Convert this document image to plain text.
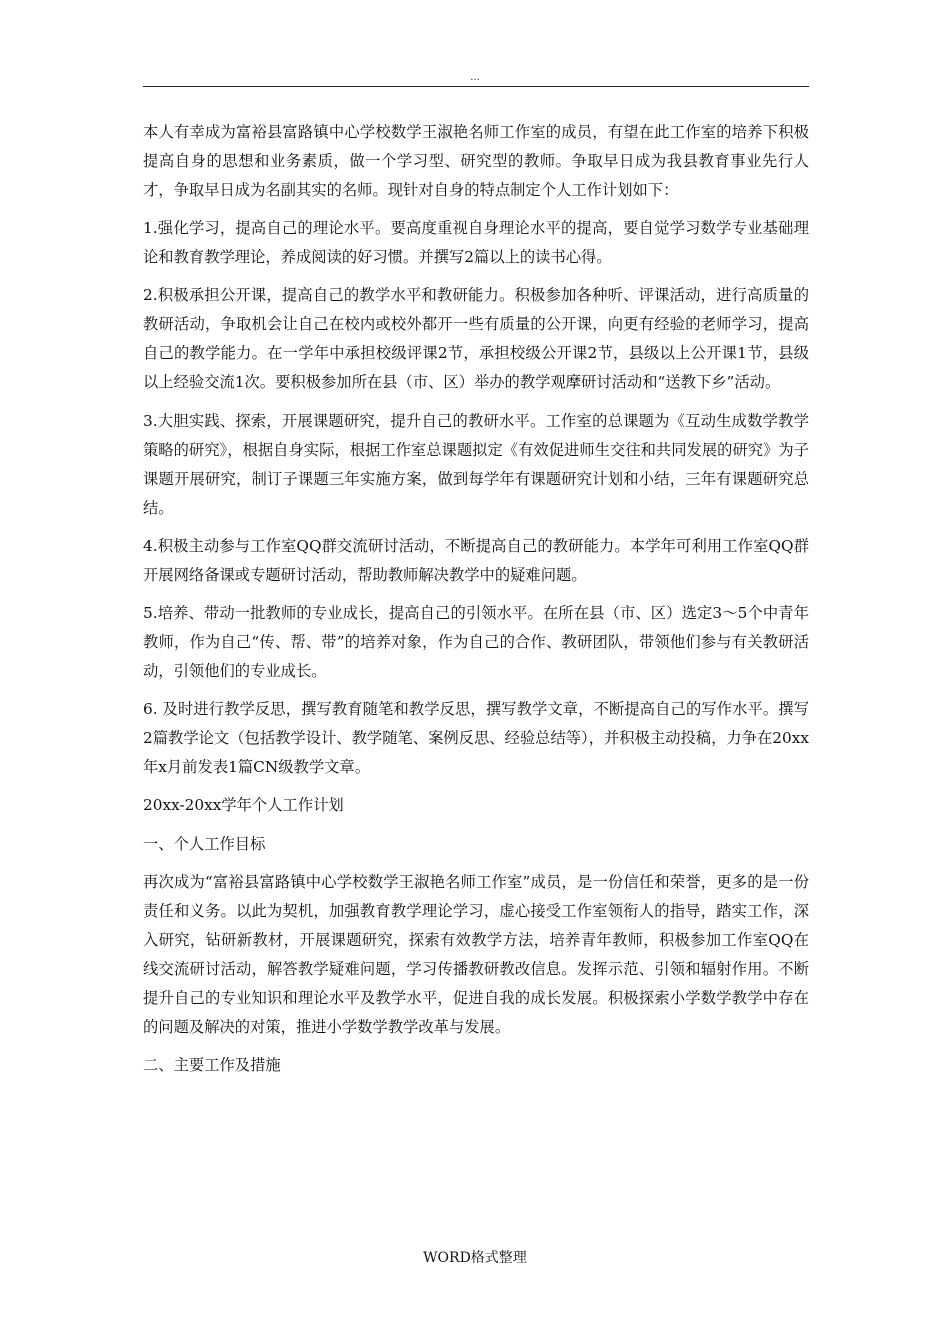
...

本人有幸成为富裕县富路镇中心学校数学王淑艳名师工作室的成员，有望在此工作室的培养下积极提高自身的思想和业务素质，做一个学习型、研究型的教师。争取早日成为我县教育事业先行人才，争取早日成为名副其实的名师。现针对自身的特点制定个人工作计划如下：

1.强化学习，提高自己的理论水平。要高度重视自身理论水平的提高，要自觉学习数学专业基础理论和教育教学理论，养成阅读的好习惯。并撰写2篇以上的读书心得。

2.积极承担公开课，提高自己的教学水平和教研能力。积极参加各种听、评课活动，进行高质量的教研活动，争取机会让自己在校内或校外都开一些有质量的公开课，向更有经验的老师学习，提高自己的教学能力。在一学年中承担校级评课2节，承担校级公开课2节，县级以上公开课1节，县级以上经验交流1次。要积极参加所在县（市、区）举办的教学观摩研讨活动和“送教下乡”活动。

3.大胆实践、探索，开展课题研究，提升自己的教研水平。工作室的总课题为《互动生成数学教学策略的研究》，根据自身实际，根据工作室总课题拟定《有效促进师生交往和共同发展的研究》为子课题开展研究，制订子课题三年实施方案，做到每学年有课题研究计划和小结，三年有课题研究总结。

4.积极主动参与工作室QQ群交流研讨活动，不断提高自己的教研能力。本学年可利用工作室QQ群开展网络备课或专题研讨活动，帮助教师解决教学中的疑难问题。

5.培养、带动一批教师的专业成长，提高自己的引领水平。在所在县（市、区）选定3～5个中青年教师，作为自己“传、帮、带”的培养对象，作为自己的合作、教研团队，带领他们参与有关教研活动，引领他们的专业成长。

6. 及时进行教学反思，撰写教育随笔和教学反思，撰写教学文章，不断提高自己的写作水平。撰写2篇教学论文（包括教学设计、教学随笔、案例反思、经验总结等），并积极主动投稿，力争在20xx年x月前发表1篇CN级教学文章。

20xx-20xx学年个人工作计划

一、个人工作目标

再次成为“富裕县富路镇中心学校数学王淑艳名师工作室”成员，是一份信任和荣誉，更多的是一份责任和义务。以此为契机，加强教育教学理论学习，虚心接受工作室领衔人的指导，踏实工作，深入研究，钻研新教材，开展课题研究，探索有效教学方法，培养青年教师，积极参加工作室QQ在线交流研讨活动，解答教学疑难问题，学习传播教研教改信息。发挥示范、引领和辐射作用。不断提升自己的专业知识和理论水平及教学水平，促进自我的成长发展。积极探索小学数学教学中存在的问题及解决的对策，推进小学数学教学改革与发展。

二、主要工作及措施

WORD格式整理
